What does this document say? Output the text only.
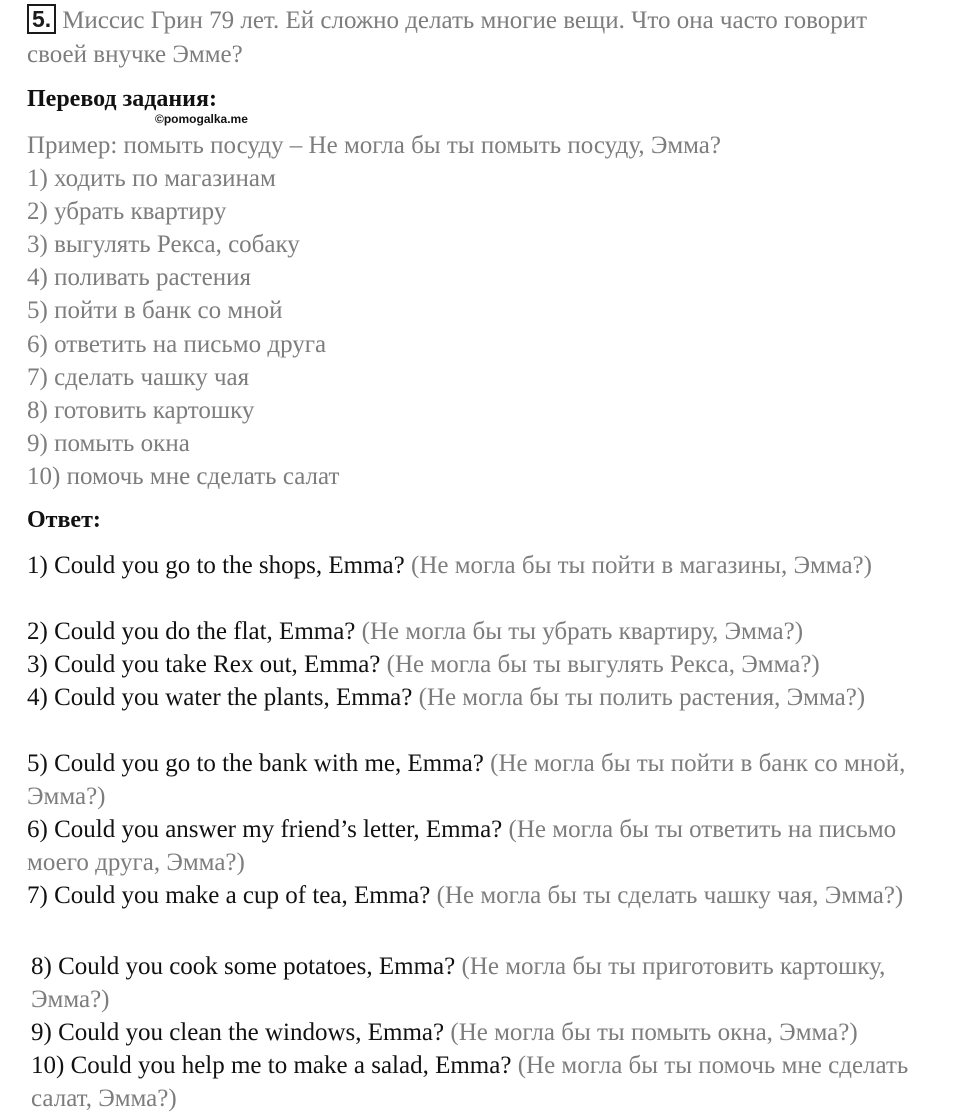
5. Миссис Грин 79 лет. Ей сложно делать многие вещи. Что она часто говорит своей внучке Эмме?
Перевод задания:
©pomogalka.me
Пример: помыть посуду – Не могла бы ты помыть посуду, Эмма?
1) ходить по магазинам
2) убрать квартиру
3) выгулять Рекса, собаку
4) поливать растения
5) пойти в банк со мной
6) ответить на письмо друга
7) сделать чашку чая
8) готовить картошку
9) помыть окна
10) помочь мне сделать салат
Ответ:
1) Could you go to the shops, Emma? (Не могла бы ты пойти в магазины, Эмма?)
2) Could you do the flat, Emma? (Не могла бы ты убрать квартиру, Эмма?)
3) Could you take Rex out, Emma? (Не могла бы ты выгулять Рекса, Эмма?)
4) Could you water the plants, Emma? (Не могла бы ты полить растения, Эмма?)
5) Could you go to the bank with me, Emma? (Не могла бы ты пойти в банк со мной, Эмма?)
6) Could you answer my friend’s letter, Emma? (Не могла бы ты ответить на письмо моего друга, Эмма?)
7) Could you make a cup of tea, Emma? (Не могла бы ты сделать чашку чая, Эмма?)
8) Could you cook some potatoes, Emma? (Не могла бы ты приготовить картошку, Эмма?)
9) Could you clean the windows, Emma? (Не могла бы ты помыть окна, Эмма?)
10) Could you help me to make a salad, Emma? (Не могла бы ты помочь мне сделать салат, Эмма?)
